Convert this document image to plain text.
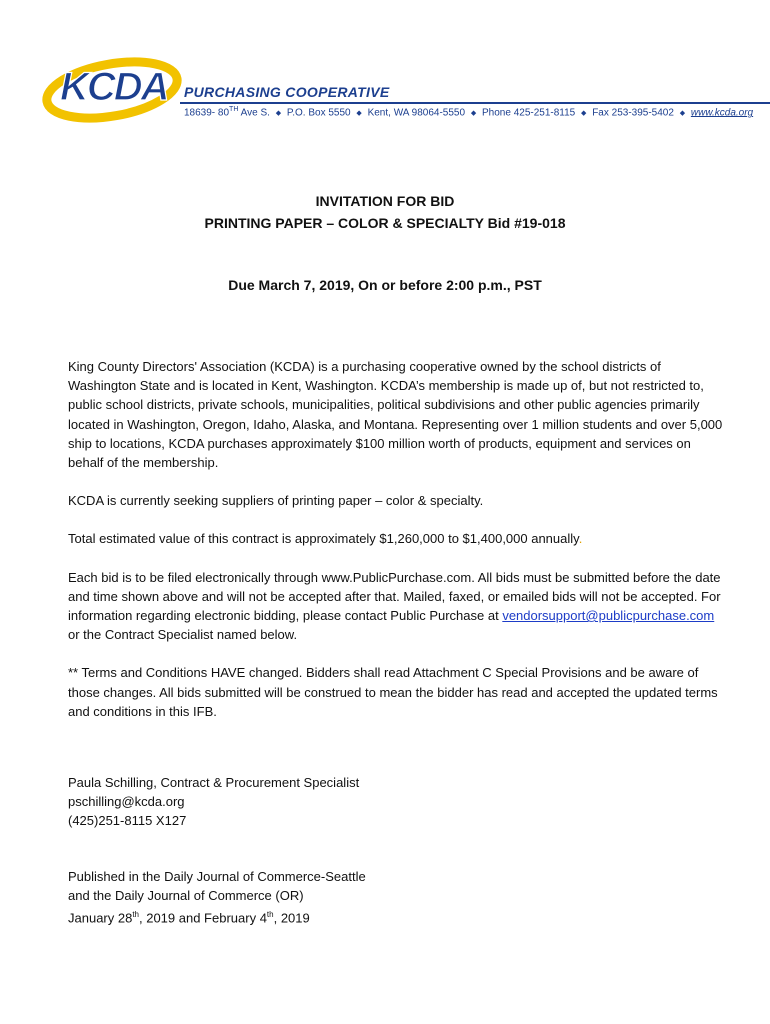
KCDA PURCHASING COOPERATIVE
18639- 80TH Ave S. ◆ P.O. Box 5550 ◆ Kent, WA 98064-5550 ◆ Phone 425-251-8115 ◆ Fax 253-395-5402 ◆ www.kcda.org
INVITATION FOR BID
PRINTING PAPER – COLOR & SPECIALTY Bid #19-018
Due March 7, 2019, On or before 2:00 p.m., PST

King County Directors' Association (KCDA) is a purchasing cooperative owned by the school districts of Washington State and is located in Kent, Washington. KCDA’s membership is made up of, but not restricted to, public school districts, private schools, municipalities, political subdivisions and other public agencies primarily located in Washington, Oregon, Idaho, Alaska, and Montana. Representing over 1 million students and over 5,000 ship to locations, KCDA purchases approximately $100 million worth of products, equipment and services on behalf of the membership.

KCDA is currently seeking suppliers of printing paper – color & specialty.

Total estimated value of this contract is approximately $1,260,000 to $1,400,000 annually.

Each bid is to be filed electronically through www.PublicPurchase.com. All bids must be submitted before the date and time shown above and will not be accepted after that. Mailed, faxed, or emailed bids will not be accepted. For information regarding electronic bidding, please contact Public Purchase at vendorsupport@publicpurchase.com or the Contract Specialist named below.

** Terms and Conditions HAVE changed. Bidders shall read Attachment C Special Provisions and be aware of those changes. All bids submitted will be construed to mean the bidder has read and accepted the updated terms and conditions in this IFB.

Paula Schilling, Contract & Procurement Specialist
pschilling@kcda.org
(425)251-8115 X127
Published in the Daily Journal of Commerce-Seattle
and the Daily Journal of Commerce (OR)
January 28th, 2019 and February 4th, 2019
